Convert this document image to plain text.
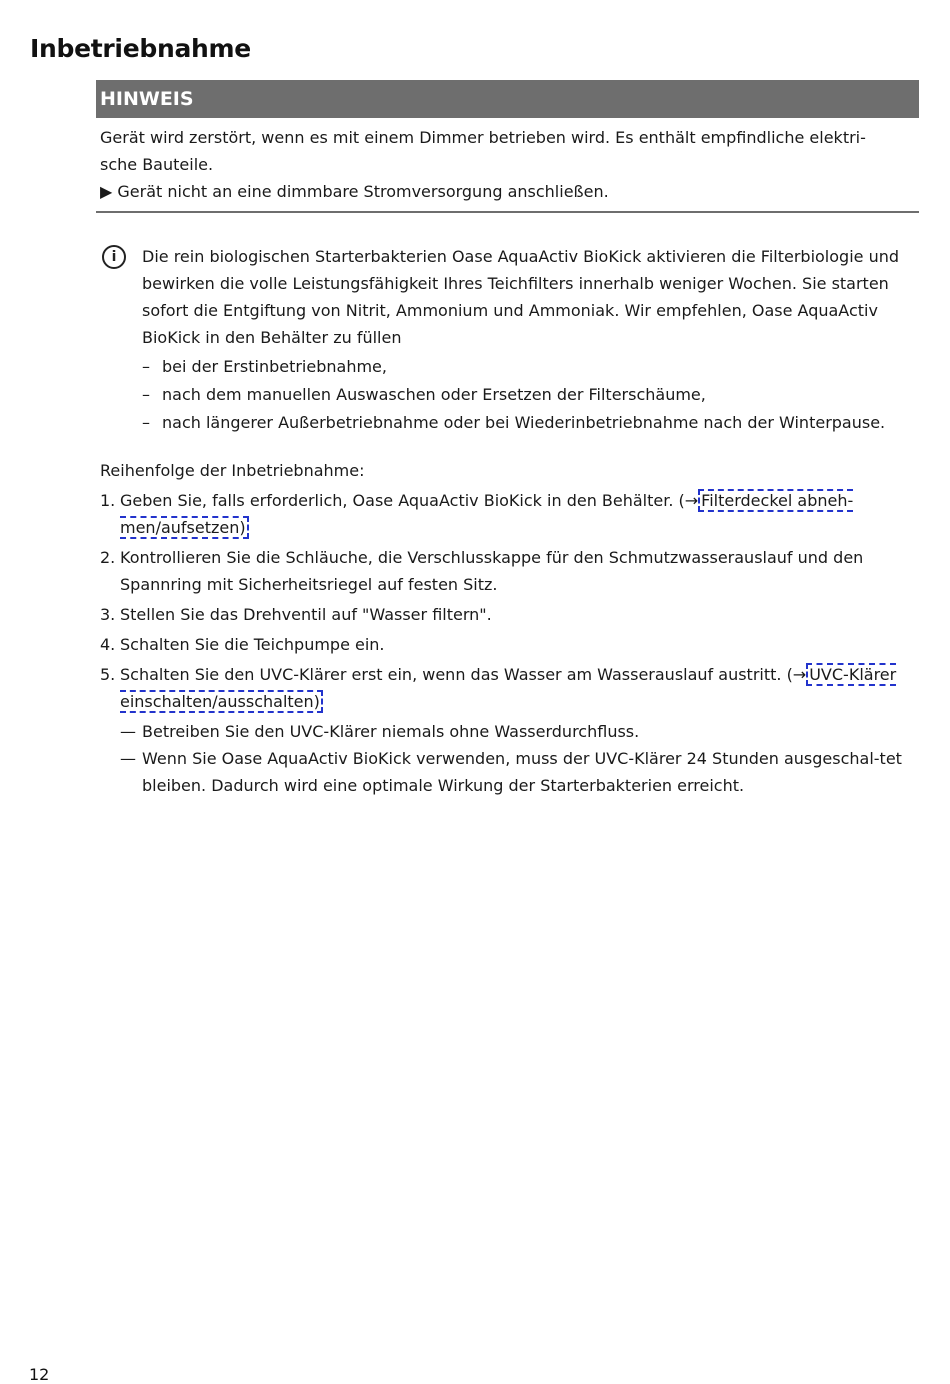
Inbetriebnahme
HINWEIS
Gerät wird zerstört, wenn es mit einem Dimmer betrieben wird. Es enthält empfindliche elektri-
sche Bauteile.
▶ Gerät nicht an eine dimmbare Stromversorgung anschließen.
i	Die rein biologischen Starterbakterien Oase AquaActiv BioKick aktivieren die Filterbiologie und bewirken die volle Leistungsfähigkeit Ihres Teichfilters innerhalb weniger Wochen. Sie starten sofort die Entgiftung von Nitrit, Ammonium und Ammoniak. Wir empfehlen, Oase AquaActiv BioKick in den Behälter zu füllen
– bei der Erstinbetriebnahme,
– nach dem manuellen Auswaschen oder Ersetzen der Filterschäume,
– nach längerer Außerbetriebnahme oder bei Wiederinbetriebnahme nach der Winterpause.

Reihenfolge der Inbetriebnahme:

1. Geben Sie, falls erforderlich, Oase AquaActiv BioKick in den Behälter. (→ Filterdeckel abneh-men/aufsetzen)
2. Kontrollieren Sie die Schläuche, die Verschlusskappe für den Schmutzwasserauslauf und den Spannring mit Sicherheitsriegel auf festen Sitz.
3. Stellen Sie das Drehventil auf "Wasser filtern".
4. Schalten Sie die Teichpumpe ein.
5. Schalten Sie den UVC-Klärer erst ein, wenn das Wasser am Wasserauslauf austritt. (→ UVC-Klärer einschalten/ausschalten)
— Betreiben Sie den UVC-Klärer niemals ohne Wasserdurchfluss.
— Wenn Sie Oase AquaActiv BioKick verwenden, muss der UVC-Klärer 24 Stunden ausgeschal-tet bleiben. Dadurch wird eine optimale Wirkung der Starterbakterien erreicht.
12
